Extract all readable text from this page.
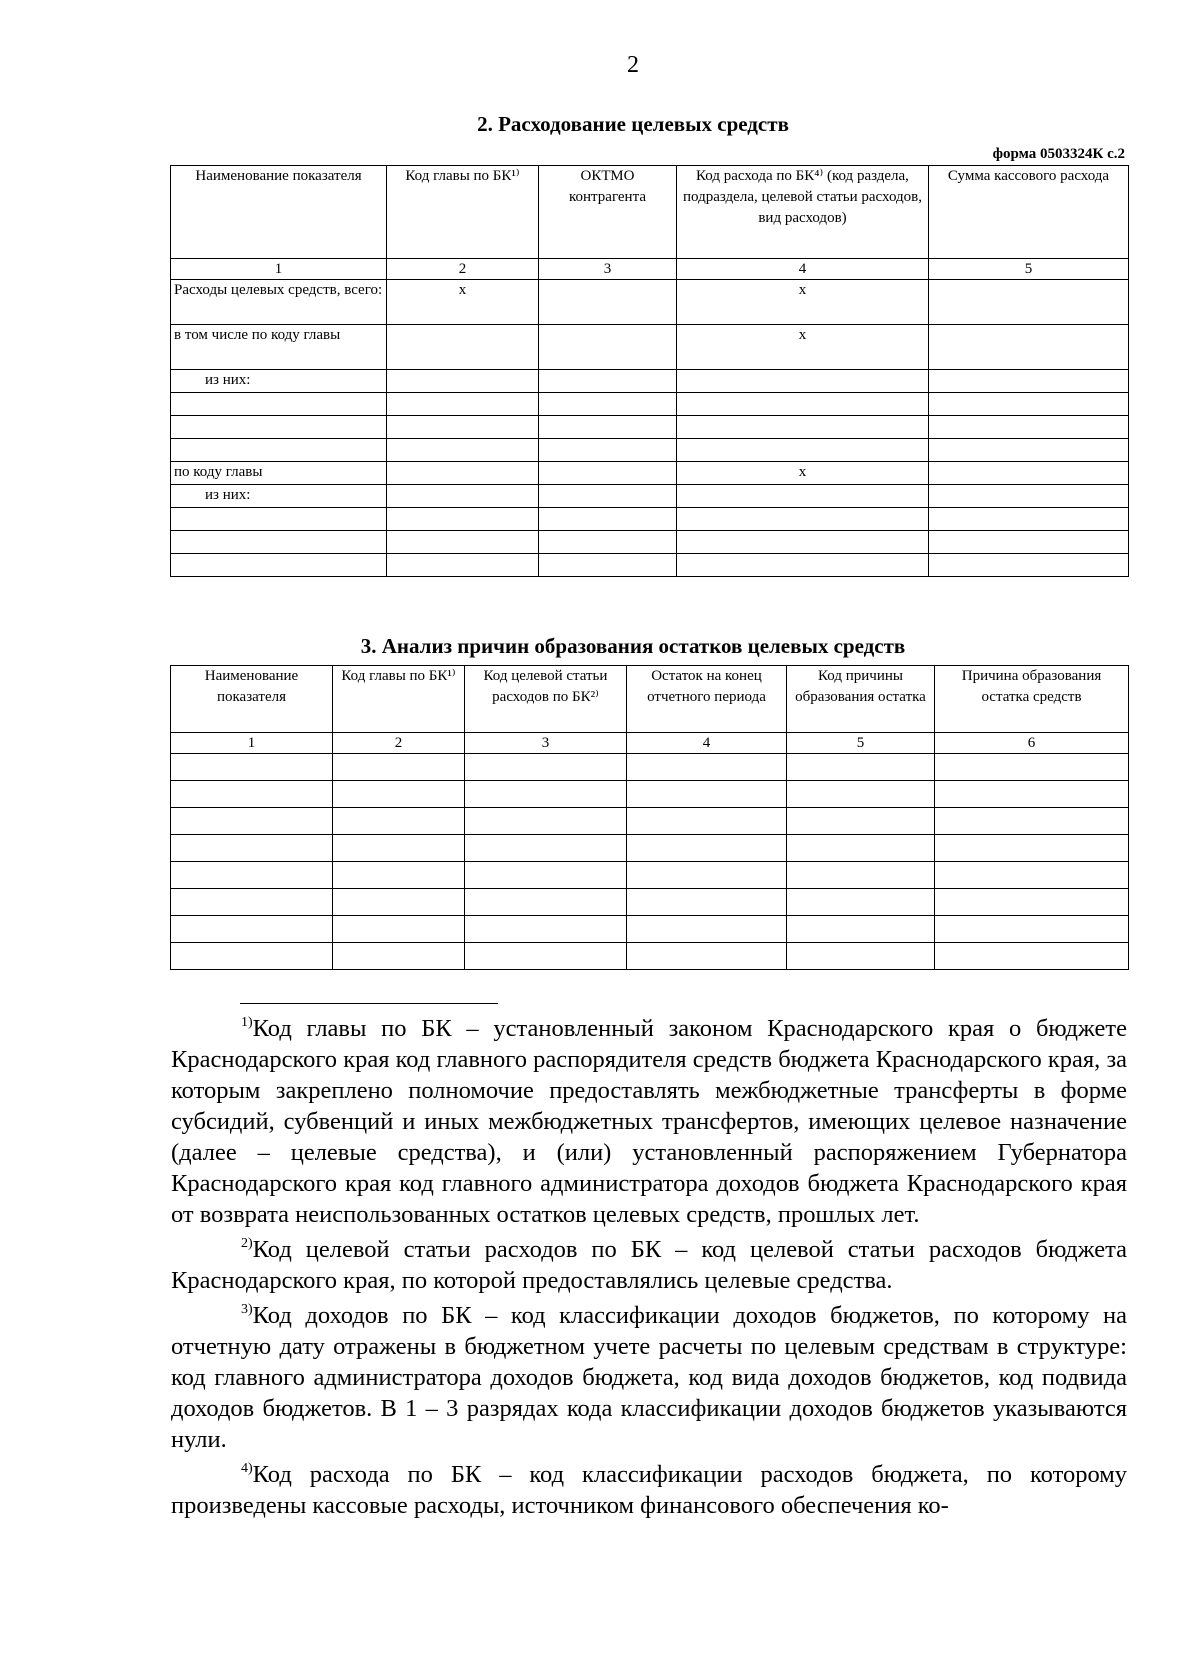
2
2. Расходование целевых средств
форма 0503324К с.2
Наименование показателя	Код главы по БК¹⁾	ОКТМО контрагента	Код расхода по БК⁴⁾ (код раздела, подраздела, целевой статьи расходов, вид расходов)	Сумма кассового расхода
1	2	3	4	5
Расходы целевых средств, всего:	x		x	
в том числе по коду главы			x	
из них:				

по коду главы			x	
из них:				

3. Анализ причин образования остатков целевых средств
Наименование показателя	Код главы по БК¹⁾	Код целевой статьи расходов по БК²⁾	Остаток на конец отчетного периода	Код причины образования остатка	Причина образования остатка средств
1	2	3	4	5	6

$^{1)}$Код главы по БК – установленный законом Краснодарского края о бюджете Краснодарского края код главного распорядителя средств бюджета Краснодарского края, за которым закреплено полномочие предоставлять межбюджетные трансферты в форме субсидий, субвенций и иных межбюджетных трансфертов, имеющих целевое назначение (далее – целевые средства), и (или) установленный распоряжением Губернатора Краснодарского края код главного администратора доходов бюджета Краснодарского края от возврата неиспользованных остатков целевых средств, прошлых лет.

$^{2)}$Код целевой статьи расходов по БК – код целевой статьи расходов бюджета Краснодарского края, по которой предоставлялись целевые средства.

$^{3)}$Код доходов по БК – код классификации доходов бюджетов, по которому на отчетную дату отражены в бюджетном учете расчеты по целевым средствам в структуре: код главного администратора доходов бюджета, код вида доходов бюджетов, код подвида доходов бюджетов. В 1 – 3 разрядах кода классификации доходов бюджетов указываются нули.

$^{4)}$Код расхода по БК – код классификации расходов бюджета, по которому произведены кассовые расходы, источником финансового обеспечения ко-
